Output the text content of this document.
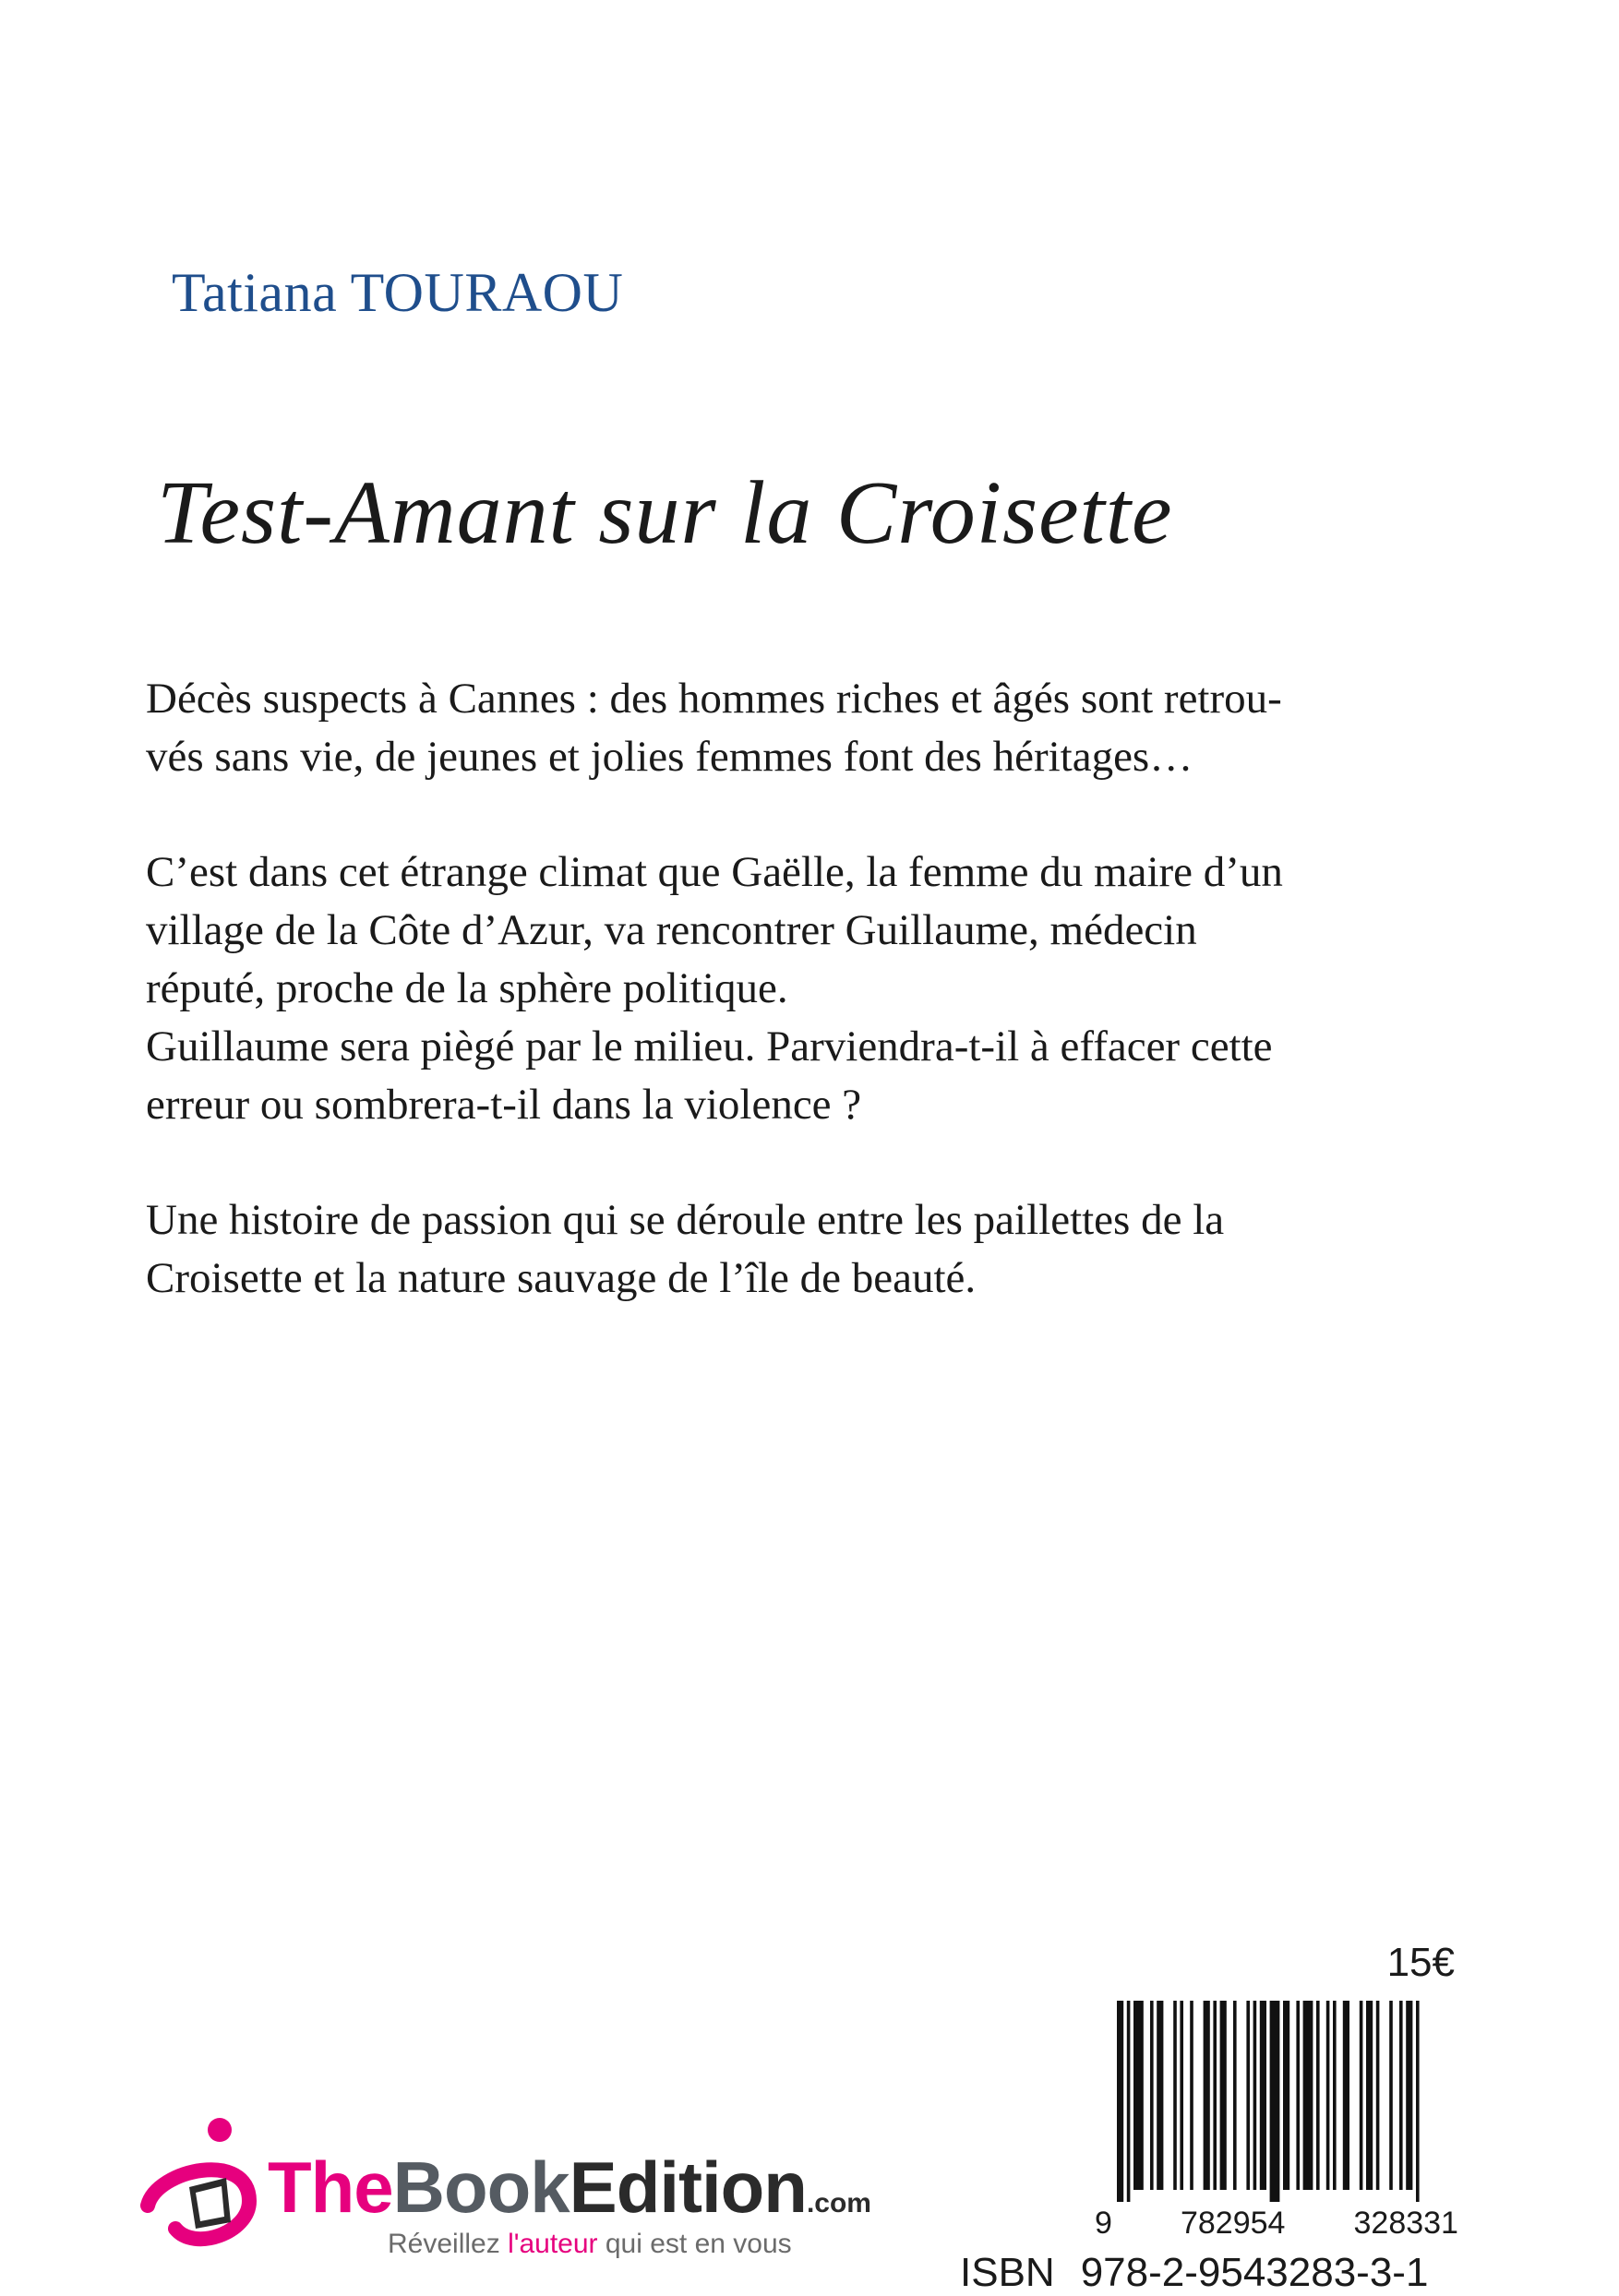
Tatiana TOURAOU
Test-Amant sur la Croisette

Décès suspects à Cannes : des hommes riches et âgés sont retrou-
vés sans vie, de jeunes et jolies femmes font des héritages…

C’est dans cet étrange climat que Gaëlle, la femme du maire d’un
village de la Côte d’Azur, va rencontrer Guillaume, médecin
réputé, proche de la sphère politique.
Guillaume sera piègé par le milieu. Parviendra-t-il à effacer cette
erreur ou sombrera-t-il dans la violence ?

Une histoire de passion qui se déroule entre les paillettes de la
Croisette et la nature sauvage de l’île de beauté.

TheBookEdition.com
Réveillez l'auteur qui est en vous
15€
9 782954 328331
ISBN 978-2-9543283-3-1
